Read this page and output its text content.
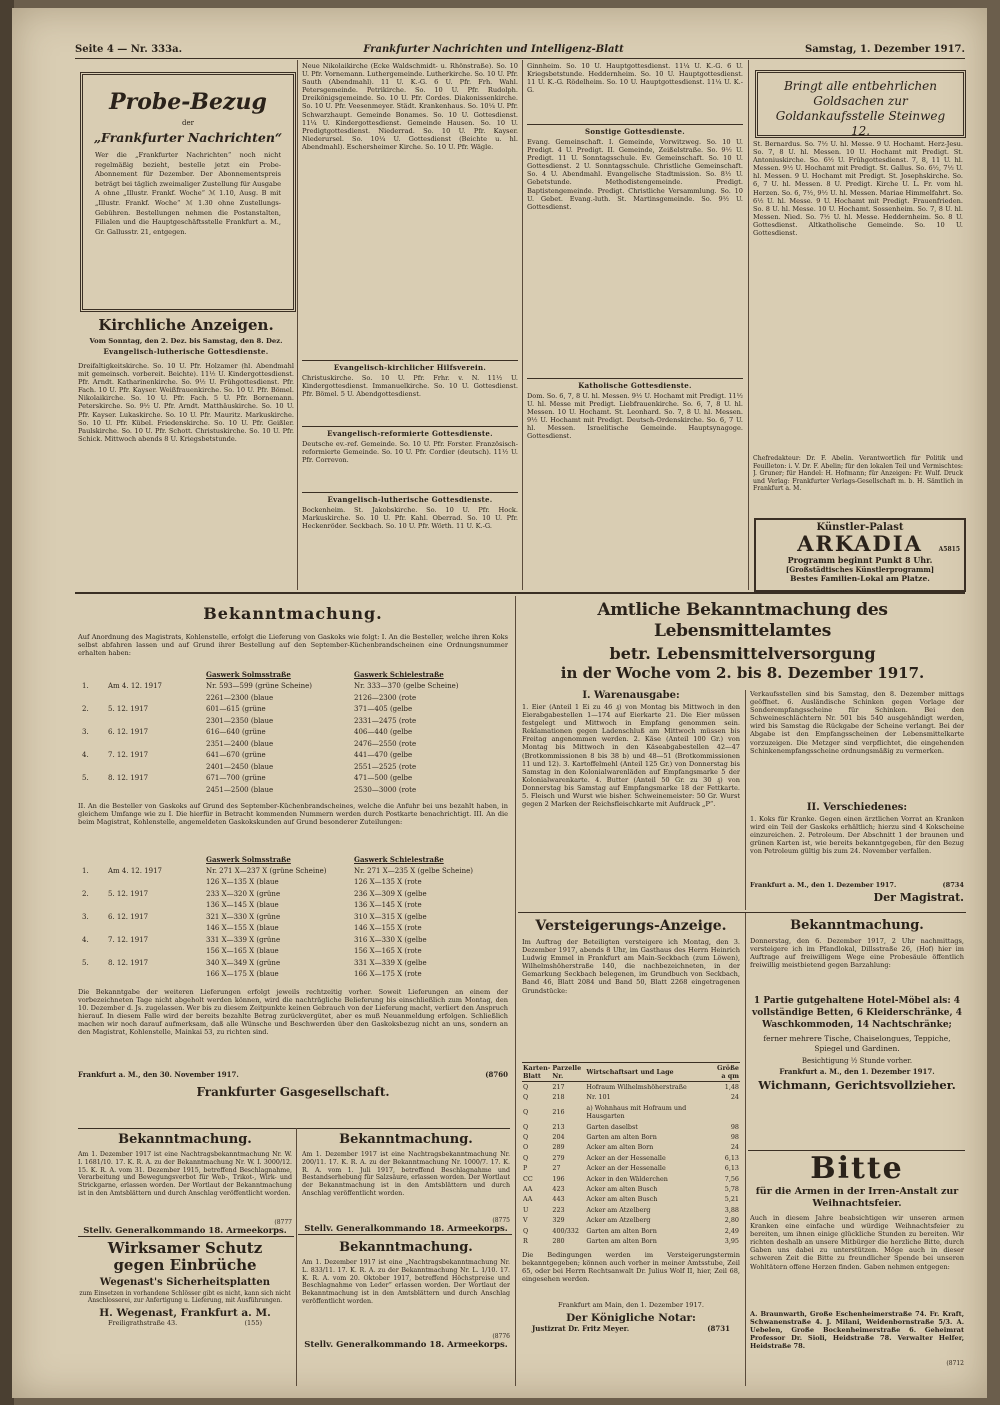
Seite 4 — Nr. 333a.	Frankfurter Nachrichten und Intelligenz-Blatt	Samstag, 1. Dezember 1917.
Probe-Bezug
der
„Frankfurter Nachrichten“
Wer die „Frankfurter Nachrichten“ noch nicht regelmäßig bezieht, bestelle jetzt ein Probe-Abonnement für Dezember. Der Abonnementspreis beträgt bei täglich zweimaliger Zustellung für Ausgabe A ohne „Illustr. Frankf. Woche“ ℳ 1.10, Ausg. B mit „Illustr. Frankf. Woche“ ℳ 1.30 ohne Zustellungs-Gebühren. Bestellungen nehmen die Postanstalten, Filialen und die Hauptgeschäftsstelle Frankfurt a. M., Gr. Gallusstr. 21, entgegen.
Kirchliche Anzeigen.
Vom Sonntag, den 2. Dez. bis Samstag, den 8. Dez.
Evangelisch-lutherische Gottesdienste.
Dreifaltigkeitskirche. So. 10 U. Pfr. Holzamer (hl. Abendmahl mit gemeinsch. vorbereit. Beichte). 11½ U. Kindergottesdienst. Pfr. Arndt. Katharinenkirche. So. 9½ U. Frühgottesdienst. Pfr. Fach. 10 U. Pfr. Kayser. Weißfrauenkirche. So. 10 U. Pfr. Bömel. Nikolaikirche. So. 10 U. Pfr. Fach. 5 U. Pfr. Bornemann. Peterskirche. So. 9½ U. Pfr. Arndt. Matthäuskirche. So. 10 U. Pfr. Kayser. Lukaskirche. So. 10 U. Pfr. Mauritz. Markuskirche. So. 10 U. Pfr. Kübel. Friedenskirche. So. 10 U. Pfr. Geißler. Paulskirche. So. 10 U. Pfr. Schott. Christuskirche. So. 10 U. Pfr. Schick. Mittwoch abends 8 U. Kriegsbetstunde.
Neue Nikolaikirche (Ecke Waldschmidt- u. Rhönstraße). So. 10 U. Pfr. Vornemann. Luthergemeinde. Lutherkirche. So. 10 U. Pfr. Sauth (Abendmahl). 11 U. K.-G. 6 U. Pfr. Frh. Wahl. Petersgemeinde. Petrikirche. So. 10 U. Pfr. Rudolph. Dreikönigsgemeinde. So. 10 U. Pfr. Cordes. Diakonissenkirche. So. 10 U. Pfr. Veesenmeyer. Städt. Krankenhaus. So. 10¼ U. Pfr. Schwarzhaupt. Gemeinde Bonames. So. 10 U. Gottesdienst. 11¼ U. Kindergottesdienst. Gemeinde Hausen. So. 10 U. Predigtgottesdienst. Niederrad. So. 10 U. Pfr. Kayser. Niederursel. So. 10¼ U. Gottesdienst (Beichte u. hl. Abendmahl). Eschersheimer Kirche. So. 10 U. Pfr. Wägle.
Evangelisch-kirchlicher Hilfsverein.
Christuskirche. So. 10 U. Pfr. Frhr. v. N. 11½ U. Kindergottesdienst. Immanuelkirche. So. 10 U. Gottesdienst. Pfr. Bömel. 5 U. Abendgottesdienst.
Evangelisch-reformierte Gottesdienste.
Deutsche ev.-ref. Gemeinde. So. 10 U. Pfr. Forster. Französisch-reformierte Gemeinde. So. 10 U. Pfr. Cordier (deutsch). 11½ U. Pfr. Correvon.
Evangelisch-lutherische Gottesdienste.
Bockenheim. St. Jakobskirche. So. 10 U. Pfr. Hock. Markuskirche. So. 10 U. Pfr. Kahl. Oberrad. So. 10 U. Pfr. Heckenröder. Seckbach. So. 10 U. Pfr. Wörth. 11 U. K.-G.
Ginnheim. So. 10 U. Hauptgottesdienst. 11¼ U. K.-G. 6 U. Kriegsbetstunde. Heddernheim. So. 10 U. Hauptgottesdienst. 11 U. K.-G. Rödelheim. So. 10 U. Hauptgottesdienst. 11¼ U. K.-G.
Sonstige Gottesdienste.
Evang. Gemeinschaft. I. Gemeinde, Vorwitzweg. So. 10 U. Predigt. 4 U. Predigt. II. Gemeinde, Zeißelstraße. So. 9½ U. Predigt. 11 U. Sonntagsschule. Ev. Gemeinschaft. So. 10 U. Gottesdienst. 2 U. Sonntagsschule. Christliche Gemeinschaft. So. 4 U. Abendmahl. Evangelische Stadtmission. So. 8½ U. Gebetstunde. Methodistengemeinde. Predigt. Baptistengemeinde. Predigt. Christliche Versammlung. So. 10 U. Gebet. Evang.-luth. St. Martinsgemeinde. So. 9½ U. Gottesdienst.
Katholische Gottesdienste.
Dom. So. 6, 7, 8 U. hl. Messen. 9½ U. Hochamt mit Predigt. 11½ U. hl. Messe mit Predigt. Liebfrauenkirche. So. 6, 7, 8 U. hl. Messen. 10 U. Hochamt. St. Leonhard. So. 7, 8 U. hl. Messen. 9½ U. Hochamt mit Predigt. Deutsch-Ordenskirche. So. 6, 7 U. hl. Messen. Israelitische Gemeinde. Hauptsynagoge. Gottesdienst.
Bringt alle entbehrlichen Goldsachen zur Goldankaufsstelle Steinweg 12.
St. Bernardus. So. 7½ U. hl. Messe. 9 U. Hochamt. Herz-Jesu. So. 7, 8 U. hl. Messen. 10 U. Hochamt mit Predigt. St. Antoniuskirche. So. 6½ U. Frühgottesdienst. 7, 8, 11 U. hl. Messen. 9½ U. Hochamt mit Predigt. St. Gallus. So. 6½, 7½ U. hl. Messen. 9 U. Hochamt mit Predigt. St. Josephskirche. So. 6, 7 U. hl. Messen. 8 U. Predigt. Kirche U. L. Fr. vom hl. Herzen. So. 6, 7½, 9½ U. hl. Messen. Mariae Himmelfahrt. So. 6½ U. hl. Messe. 9 U. Hochamt mit Predigt. Frauenfrieden. So. 8 U. hl. Messe. 10 U. Hochamt. Sossenheim. So. 7, 8 U. hl. Messen. Nied. So. 7½ U. hl. Messe. Heddernheim. So. 8 U. Gottesdienst. Altkatholische Gemeinde. So. 10 U. Gottesdienst.
Chefredakteur: Dr. F. Abelin. Verantwortlich für Politik und Feuilleton: i. V. Dr. F. Abelin; für den lokalen Teil und Vermischtes: J. Gruner; für Handel: H. Hofmann; für Anzeigen: Fr. Wulf. Druck und Verlag: Frankfurter Verlags-Gesellschaft m. b. H. Sämtlich in Frankfurt a. M.
Künstler-Palast
ARKADIA	A5815
Programm beginnt Punkt 8 Uhr.
[Großstädtisches Künstlerprogramm]
Bestes Familien-Lokal am Platze.
Bekanntmachung.
Auf Anordnung des Magistrats, Kohlenstelle, erfolgt die Lieferung von Gaskoks wie folgt: I. An die Besteller, welche ihren Koks selbst abfahren lassen und auf Grund ihrer Bestellung auf den September-Küchenbrandscheinen eine Ordnungsnummer erhalten haben:
		Gaswerk Solmsstraße	Gaswerk Schielestraße
1.	Am 4. 12. 1917	Nr. 593—599 (grüne Scheine)	Nr. 333—370 (gelbe Scheine)
		2261—2300 (blaue	2126—2300 (rote
2.	5. 12. 1917	601—615 (grüne	371—405 (gelbe
		2301—2350 (blaue	2331—2475 (rote
3.	6. 12. 1917	616—640 (grüne	406—440 (gelbe
		2351—2400 (blaue	2476—2550 (rote
4.	7. 12. 1917	641—670 (grüne	441—470 (gelbe
		2401—2450 (blaue	2551—2525 (rote
5.	8. 12. 1917	671—700 (grüne	471—500 (gelbe
		2451—2500 (blaue	2530—3000 (rote
II. An die Besteller von Gaskoks auf Grund des September-Küchenbrandscheines, welche die Anfuhr bei uns bezahlt haben, in gleichem Umfange wie zu I. Die hierfür in Betracht kommenden Nummern werden durch Postkarte benachrichtigt. III. An die beim Magistrat, Kohlenstelle, angemeldeten Gaskokskunden auf Grund besonderer Zuteilungen:
		Gaswerk Solmsstraße	Gaswerk Schielestraße
1.	Am 4. 12. 1917	Nr. 271 X—237 X (grüne Scheine)	Nr. 271 X—235 X (gelbe Scheine)
		126 X—135 X (blaue	126 X—135 X (rote
2.	5. 12. 1917	233 X—320 X (grüne	236 X—309 X (gelbe
		136 X—145 X (blaue	136 X—145 X (rote
3.	6. 12. 1917	321 X—330 X (grüne	310 X—315 X (gelbe
		146 X—155 X (blaue	146 X—155 X (rote
4.	7. 12. 1917	331 X—339 X (grüne	316 X—330 X (gelbe
		156 X—165 X (blaue	156 X—165 X (rote
5.	8. 12. 1917	340 X—349 X (grüne	331 X—339 X (gelbe
		166 X—175 X (blaue	166 X—175 X (rote
Die Bekanntgabe der weiteren Lieferungen erfolgt jeweils rechtzeitig vorher. Soweit Lieferungen an einem der vorbezeichneten Tage nicht abgeholt werden können, wird die nachträgliche Belieferung bis einschließlich zum Montag, den 10. Dezember d. Js. zugelassen. Wer bis zu diesem Zeitpunkte keinen Gebrauch von der Lieferung macht, verliert den Anspruch hierauf. In diesem Falle wird der bereits bezahlte Betrag zurückvergütet, aber es muß Neuanmeldung erfolgen. Schließlich machen wir noch darauf aufmerksam, daß alle Wünsche und Beschwerden über den Gaskoksbezug nicht an uns, sondern an den Magistrat, Kohlenstelle, Mainkai 53, zu richten sind.
Frankfurt a. M., den 30. November 1917.	(8760
Frankfurter Gasgesellschaft.
Bekanntmachung.
Am 1. Dezember 1917 ist eine Nachtragsbekanntmachung Nr. W. I. 1681/10. 17. K. R. A. zu der Bekanntmachung Nr. W. I. 3000/12. 15. K. R. A. vom 31. Dezember 1915, betreffend Beschlagnahme, Verarbeitung und Bewegungsverbot für Web-, Trikot-, Wirk- und Strickgarne, erlassen worden. Der Wortlaut der Bekanntmachung ist in den Amtsblättern und durch Anschlag veröffentlicht worden.
(8777
Stellv. Generalkommando 18. Armeekorps.
Wirksamer Schutz
gegen Einbrüche
Wegenast's Sicherheitsplatten
zum Einsetzen in vorhandene Schlösser gibt es nicht, kann sich nicht
Anschlosserei, zur Anfertigung u. Lieferung, mit Ausführungen.
H. Wegenast, Frankfurt a. M.
Freiligrathstraße 43.	(155)
Bekanntmachung.
Am 1. Dezember 1917 ist eine Nachtragsbekanntmachung Nr. 200/11. 17. K. R. A. zu der Bekanntmachung Nr. 1000/7. 17. K. R. A. vom 1. Juli 1917, betreffend Beschlagnahme und Bestandserhebung für Salzsäure, erlassen worden. Der Wortlaut der Bekanntmachung ist in den Amtsblättern und durch Anschlag veröffentlicht worden.
(8775
Stellv. Generalkommando 18. Armeekorps.
Bekanntmachung.
Am 1. Dezember 1917 ist eine „Nachtragsbekanntmachung Nr. L. 833/11. 17. K. R. A. zu der Bekanntmachung Nr. L. 1/10. 17. K. R. A. vom 20. Oktober 1917, betreffend Höchstpreise und Beschlagnahme von Leder“ erlassen worden. Der Wortlaut der Bekanntmachung ist in den Amtsblättern und durch Anschlag veröffentlicht worden.
(8776
Stellv. Generalkommando 18. Armeekorps.
Amtliche Bekanntmachung des Lebensmittelamtes
betr. Lebensmittelversorgung
in der Woche vom 2. bis 8. Dezember 1917.
I. Warenausgabe:
1. Eier (Anteil 1 Ei zu 46 ₰) von Montag bis Mittwoch in den Eierabgabestellen 1—174 auf Eierkarte 21. Die Eier müssen festgelegt und Mittwoch in Empfang genommen sein. Reklamationen gegen Ladenschluß am Mittwoch müssen bis Freitag angenommen werden. 2. Käse (Anteil 100 Gr.) von Montag bis Mittwoch in den Käseabgabestellen 42—47 (Brotkommissionen 8 bis 38 b) und 48—51 (Brotkommissionen 11 und 12). 3. Kartoffelmehl (Anteil 125 Gr.) von Donnerstag bis Samstag in den Kolonialwarenläden auf Empfangsmarke 5 der Kolonialwarenkarte. 4. Butter (Anteil 50 Gr. zu 30 ₰) von Donnerstag bis Samstag auf Empfangsmarke 18 der Fettkarte. 5. Fleisch und Wurst wie bisher. Schweinemeister: 50 Gr. Wurst gegen 2 Marken der Reichsfleischkarte mit Aufdruck „P“.
Verkaufsstellen sind bis Samstag, den 8. Dezember mittags geöffnet. 6. Ausländische Schinken gegen Vorlage der Sonderempfangsscheine für Schinken. Bei den Schweineschlächtern Nr. 501 bis 540 ausgehändigt werden, wird bis Samstag die Rückgabe der Scheine verlangt. Bei der Abgabe ist den Empfangsscheinen der Lebensmittelkarte vorzuzeigen. Die Metzger sind verpflichtet, die eingehenden Schinkenempfangsscheine ordnungsmäßig zu vermerken.
II. Verschiedenes:
1. Koks für Kranke. Gegen einen ärztlichen Vorrat an Kranken wird ein Teil der Gaskoks erhältlich; hierzu sind 4 Kokscheine einzureichen. 2. Petroleum. Der Abschnitt 1 der braunen und grünen Karten ist, wie bereits bekanntgegeben, für den Bezug von Petroleum gültig bis zum 24. November verfallen.
Frankfurt a. M., den 1. Dezember 1917.	(8734
Der Magistrat.
Versteigerungs-Anzeige.
Im Auftrag der Beteiligten versteigere ich Montag, den 3. Dezember 1917, abends 8 Uhr, im Gasthaus des Herrn Heinrich Ludwig Emmel in Frankfurt am Main-Seckbach (zum Löwen), Wilhelmshöherstraße 140, die nachbezeichneten, in der Gemarkung Seckbach belegenen, im Grundbuch von Seckbach, Band 46, Blatt 2084 und Band 50, Blatt 2268 eingetragenen Grundstücke:
Karten-Blatt	Parzelle Nr.	Wirtschaftsart und Lage	Größe a qm
Q	217	Hofraum Wilhelmshöherstraße	1,48
Q	218	Nr. 101	24
Q	216	a) Wohnhaus mit Hofraum und Hausgarten	
Q	213	Garten daselbst	98
Q	204	Garten am alten Born	98
O	289	Acker am alten Born	24
Q	279	Acker an der Hessenalle	6,13
P	27	Acker an der Hessenalle	6,13
CC	196	Acker in den Wälderchen	7,56
AA	423	Acker am alten Busch	5,78
AA	443	Acker am alten Busch	5,21
U	223	Acker am Atzelberg	3,88
V	329	Acker am Atzelberg	2,80
Q	400/332	Garten am alten Born	2,49
R	280	Garten am alten Born	3,95
Die Bedingungen werden im Versteigerungstermin bekanntgegeben; können auch vorher in meiner Amtsstube, Zeil 65, oder bei Herrn Rechtsanwalt Dr. Julius Wolf II, hier, Zeil 68, eingesehen werden.
Frankfurt am Main, den 1. Dezember 1917.
Der Königliche Notar:
Justizrat Dr. Fritz Meyer.	(8731
Bekanntmachung.
Donnerstag, den 6. Dezember 1917, 2 Uhr nachmittags, versteigere ich im Pfandlokal, Dillsstraße 26, (Hof) hier im Auftrage auf freiwilligem Wege eine Probesäule öffentlich freiwillig meistbietend gegen Barzahlung:
1 Partie gutgehaltene Hotel-Möbel als: 4 vollständige Betten, 6 Kleiderschränke, 4 Waschkommoden, 14 Nachtschränke;
ferner mehrere Tische, Chaiselongues, Teppiche, Spiegel und Gardinen.
Besichtigung ½ Stunde vorher.
Frankfurt a. M., den 1. Dezember 1917.
Wichmann, Gerichtsvollzieher.
Bitte
für die Armen in der Irren-Anstalt zur Weihnachtsfeier.
Auch in diesem Jahre beabsichtigen wir unseren armen Kranken eine einfache und würdige Weihnachtsfeier zu bereiten, um ihnen einige glückliche Stunden zu bereiten. Wir richten deshalb an unsere Mitbürger die herzliche Bitte, durch Gaben uns dabei zu unterstützen. Möge auch in dieser schweren Zeit die Bitte zu freundlicher Spende bei unseren Wohltätern offene Herzen finden. Gaben nehmen entgegen:
A. Braunwarth, Große Eschenheimerstraße 74. Fr. Kraft, Schwanenstraße 4. J. Milani, Weidenbornstraße 5/3. A. Uebelen, Große Bockenheimerstraße 6. Geheimrat Professor Dr. Sioli, Heidstraße 78. Verwalter Helfer, Heidstraße 78.
(8712
